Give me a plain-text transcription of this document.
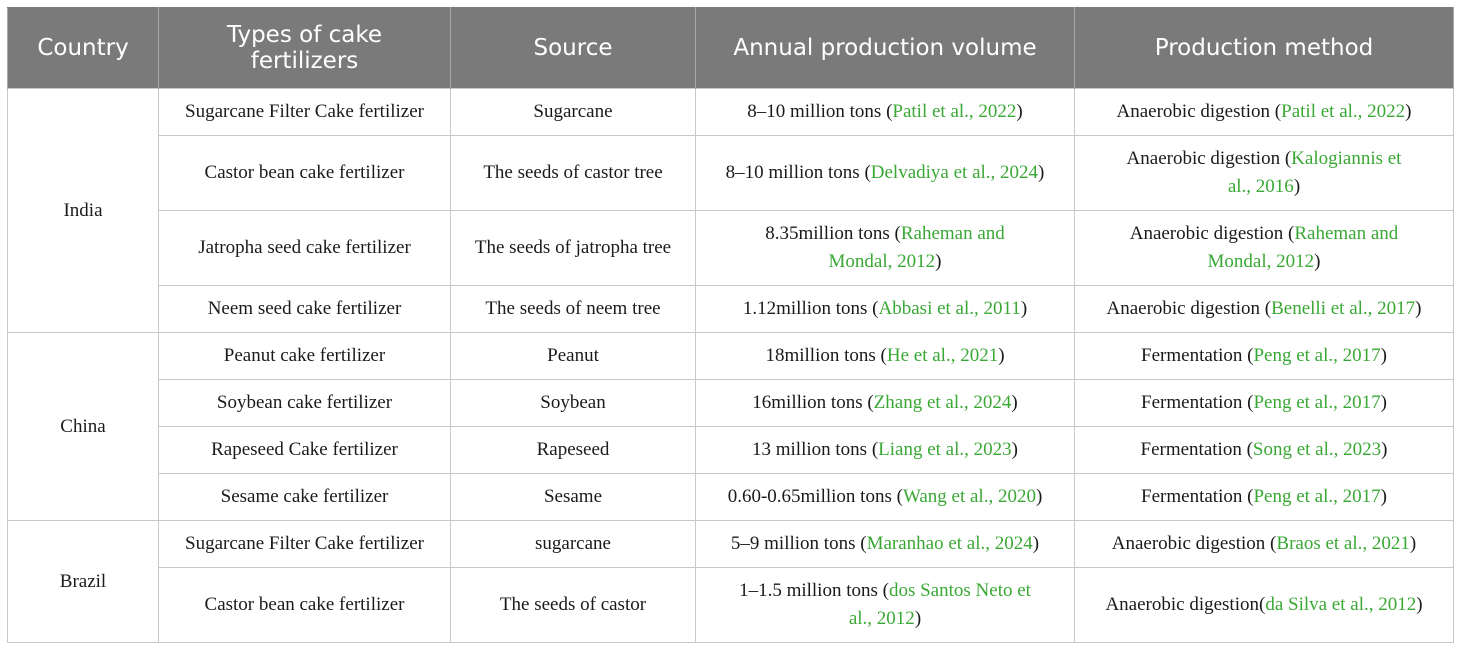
Country	Types of cake fertilizers	Source	Annual production volume	Production method
India	Sugarcane Filter Cake fertilizer	Sugarcane	8–10 million tons (Patil et al., 2022)	Anaerobic digestion (Patil et al., 2022)
	Castor bean cake fertilizer	The seeds of castor tree	8–10 million tons (Delvadiya et al., 2024)	Anaerobic digestion (Kalogiannis et al., 2016)
	Jatropha seed cake fertilizer	The seeds of jatropha tree	8.35million tons (Raheman and Mondal, 2012)	Anaerobic digestion (Raheman and Mondal, 2012)
	Neem seed cake fertilizer	The seeds of neem tree	1.12million tons (Abbasi et al., 2011)	Anaerobic digestion (Benelli et al., 2017)
China	Peanut cake fertilizer	Peanut	18million tons (He et al., 2021)	Fermentation (Peng et al., 2017)
	Soybean cake fertilizer	Soybean	16million tons (Zhang et al., 2024)	Fermentation (Peng et al., 2017)
	Rapeseed Cake fertilizer	Rapeseed	13 million tons (Liang et al., 2023)	Fermentation (Song et al., 2023)
	Sesame cake fertilizer	Sesame	0.60-0.65million tons (Wang et al., 2020)	Fermentation (Peng et al., 2017)
Brazil	Sugarcane Filter Cake fertilizer	sugarcane	5–9 million tons (Maranhao et al., 2024)	Anaerobic digestion (Braos et al., 2021)
	Castor bean cake fertilizer	The seeds of castor	1–1.5 million tons (dos Santos Neto et al., 2012)	Anaerobic digestion(da Silva et al., 2012)
